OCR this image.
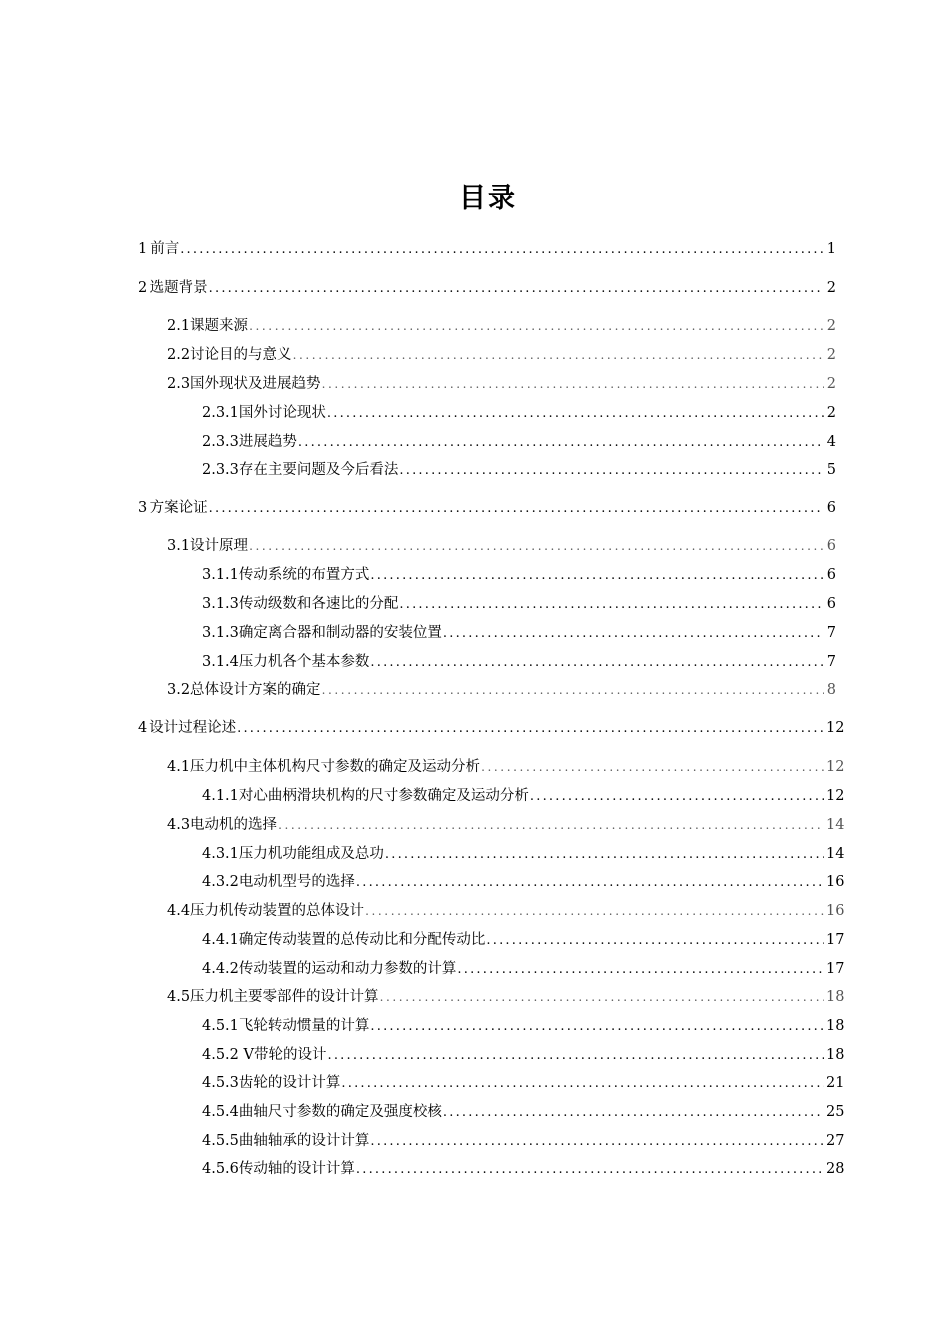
目录
1 前言 .....	1
2 选题背景 .....	2
2.1课题来源 .....	2
2.2讨论目的与意义 .....	2
2.3国外现状及进展趋势 .....	2
2.3.1国外讨论现状 .....	2
2.3.3进展趋势 .....	4
2.3.3存在主要问题及今后看法 .....	5
3 方案论证 .....	6
3.1设计原理 .....	6
3.1.1传动系统的布置方式 .....	6
3.1.3传动级数和各速比的分配 .....	6
3.1.3确定离合器和制动器的安装位置 .....	7
3.1.4压力机各个基本参数 .....	7
3.2总体设计方案的确定 .....	8
4 设计过程论述 .....	12
4.1压力机中主体机构尺寸参数的确定及运动分析 .....	12
4.1.1对心曲柄滑块机构的尺寸参数确定及运动分析 .....	12
4.3电动机的选择 .....	14
4.3.1压力机功能组成及总功 .....	14
4.3.2电动机型号的选择 .....	16
4.4压力机传动装置的总体设计 .....	16
4.4.1确定传动装置的总传动比和分配传动比 .....	17
4.4.2传动装置的运动和动力参数的计算 .....	17
4.5压力机主要零部件的设计计算 .....	18
4.5.1飞轮转动惯量的计算 .....	18
4.5.2 V带轮的设计 .....	18
4.5.3齿轮的设计计算 .....	21
4.5.4曲轴尺寸参数的确定及强度校核 .....	25
4.5.5曲轴轴承的设计计算 .....	27
4.5.6传动轴的设计计算 .....	28
